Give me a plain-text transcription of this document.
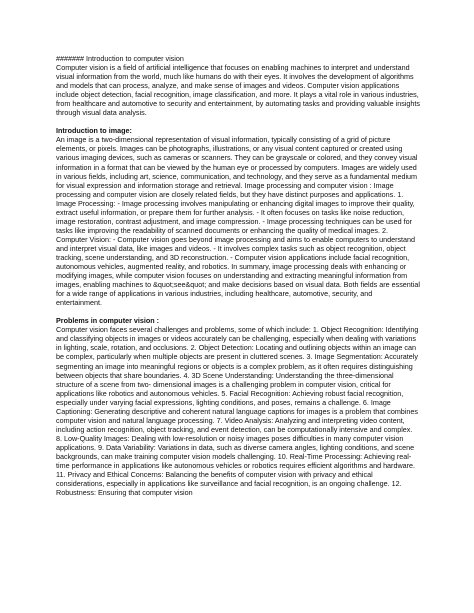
####### Introduction to computer vision

Computer vision is a field of artificial intelligence that focuses on enabling machines to interpret and understand visual information from the world, much like humans do with their eyes. It involves the development of algorithms and models that can process, analyze, and make sense of images and videos. Computer vision applications include object detection, facial recognition, image classification, and more. It plays a vital role in various industries, from healthcare and automotive to security and entertainment, by automating tasks and providing valuable insights through visual data analysis.

Introduction to image:

An image is a two-dimensional representation of visual information, typically consisting of a grid of picture elements, or pixels. Images can be photographs, illustrations, or any visual content captured or created using various imaging devices, such as cameras or scanners. They can be grayscale or colored, and they convey visual information in a format that can be viewed by the human eye or processed by computers. Images are widely used in various fields, including art, science, communication, and technology, and they serve as a fundamental medium for visual expression and information storage and retrieval. Image processing and computer vision : Image processing and computer vision are closely related fields, but they have distinct purposes and applications. 1. Image Processing: - Image processing involves manipulating or enhancing digital images to improve their quality, extract useful information, or prepare them for further analysis. - It often focuses on tasks like noise reduction, image restoration, contrast adjustment, and image compression. - Image processing techniques can be used for tasks like improving the readability of scanned documents or enhancing the quality of medical images. 2. Computer Vision: - Computer vision goes beyond image processing and aims to enable computers to understand and interpret visual data, like images and videos. - It involves complex tasks such as object recognition, object tracking, scene understanding, and 3D reconstruction. - Computer vision applications include facial recognition, autonomous vehicles, augmented reality, and robotics. In summary, image processing deals with enhancing or modifying images, while computer vision focuses on understanding and extracting meaningful information from images, enabling machines to &quot;see&quot; and make decisions based on visual data. Both fields are essential for a wide range of applications in various industries, including healthcare, automotive, security, and entertainment.

Problems in computer vision :

Computer vision faces several challenges and problems, some of which include: 1. Object Recognition: Identifying and classifying objects in images or videos accurately can be challenging, especially when dealing with variations in lighting, scale, rotation, and occlusions. 2. Object Detection: Locating and outlining objects within an image can be complex, particularly when multiple objects are present in cluttered scenes. 3. Image Segmentation: Accurately segmenting an image into meaningful regions or objects is a complex problem, as it often requires distinguishing between objects that share boundaries. 4. 3D Scene Understanding: Understanding the three-dimensional structure of a scene from two- dimensional images is a challenging problem in computer vision, critical for applications like robotics and autonomous vehicles. 5. Facial Recognition: Achieving robust facial recognition, especially under varying facial expressions, lighting conditions, and poses, remains a challenge. 6. Image Captioning: Generating descriptive and coherent natural language captions for images is a problem that combines computer vision and natural language processing. 7. Video Analysis: Analyzing and interpreting video content, including action recognition, object tracking, and event detection, can be computationally intensive and complex. 8. Low-Quality Images: Dealing with low-resolution or noisy images poses difficulties in many computer vision applications. 9. Data Variability: Variations in data, such as diverse camera angles, lighting conditions, and scene backgrounds, can make training computer vision models challenging. 10. Real-Time Processing: Achieving real-time performance in applications like autonomous vehicles or robotics requires efficient algorithms and hardware. 11. Privacy and Ethical Concerns: Balancing the benefits of computer vision with privacy and ethical considerations, especially in applications like surveillance and facial recognition, is an ongoing challenge. 12. Robustness: Ensuring that computer vision
